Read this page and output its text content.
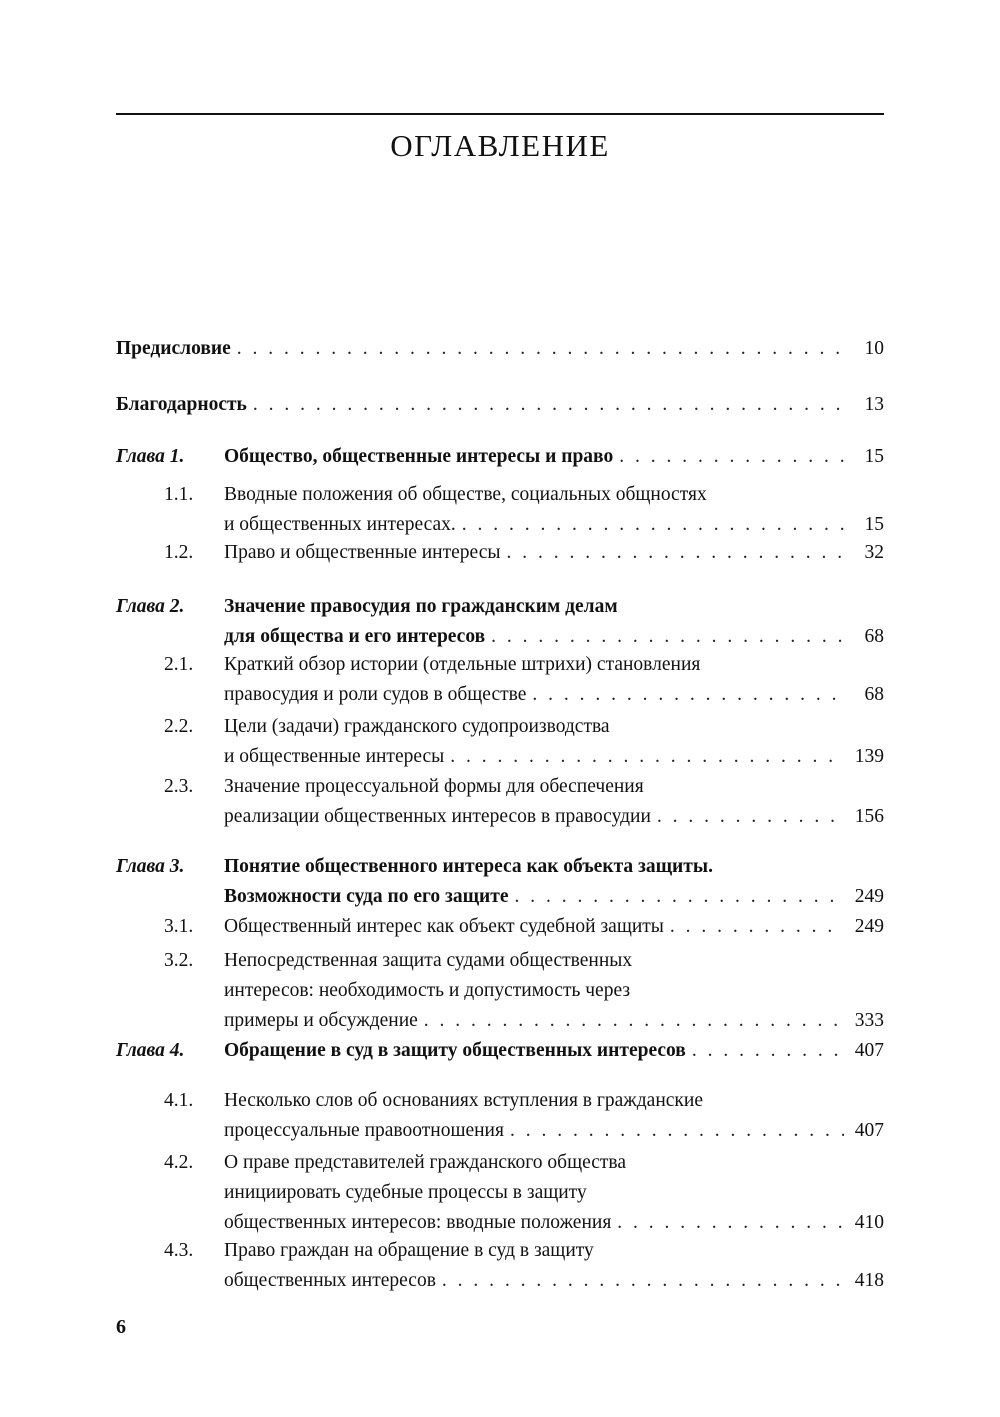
ОГЛАВЛЕНИЕ
Предисловие . . .	10
Благодарность . . .	13
Глава 1.	Общество, общественные интересы и право . . .	15
1.1.	Вводные положения об обществе, социальных общностях
и общественных интересах. . . .	15
1.2.	Право и общественные интересы . . .	32
Глава 2.	Значение правосудия по гражданским делам
для общества и его интересов . . .	68
2.1.	Краткий обзор истории (отдельные штрихи) становления
правосудия и роли судов в обществе . . .	68
2.2.	Цели (задачи) гражданского судопроизводства
и общественные интересы . . .	139
2.3.	Значение процессуальной формы для обеспечения
реализации общественных интересов в правосудии . . .	156
Глава 3.	Понятие общественного интереса как объекта защиты.
Возможности суда по его защите . . .	249
3.1.	Общественный интерес как объект судебной защиты . . .	249
3.2.	Непосредственная защита судами общественных
интересов: необходимость и допустимость через
примеры и обсуждение . . .	333
Глава 4.	Обращение в суд в защиту общественных интересов . . .	407
4.1.	Несколько слов об основаниях вступления в гражданские
процессуальные правоотношения . . .	407
4.2.	О праве представителей гражданского общества
инициировать судебные процессы в защиту
общественных интересов: вводные положения . . .	410
4.3.	Право граждан на обращение в суд в защиту
общественных интересов . . .	418
6
